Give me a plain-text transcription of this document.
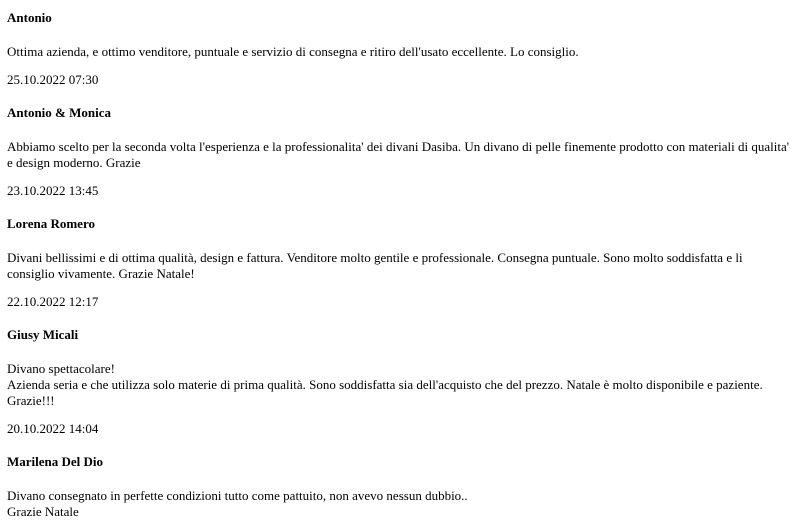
Antonio
Ottima azienda, e ottimo venditore, puntuale e servizio di consegna e ritiro dell'usato eccellente. Lo consiglio.
25.10.2022 07:30
Antonio & Monica
Abbiamo scelto per la seconda volta l'esperienza e la professionalita' dei divani Dasiba. Un divano di pelle finemente prodotto con materiali di qualita' e design moderno. Grazie
23.10.2022 13:45
Lorena Romero
Divani bellissimi e di ottima qualità, design e fattura. Venditore molto gentile e professionale. Consegna puntuale. Sono molto soddisfatta e li consiglio vivamente. Grazie Natale!
22.10.2022 12:17
Giusy Micali
Divano spettacolare!
Azienda seria e che utilizza solo materie di prima qualità. Sono soddisfatta sia dell'acquisto che del prezzo. Natale è molto disponibile e paziente. Grazie!!!
20.10.2022 14:04
Marilena Del Dio
Divano consegnato in perfette condizioni tutto come pattuito, non avevo nessun dubbio..
Grazie Natale
